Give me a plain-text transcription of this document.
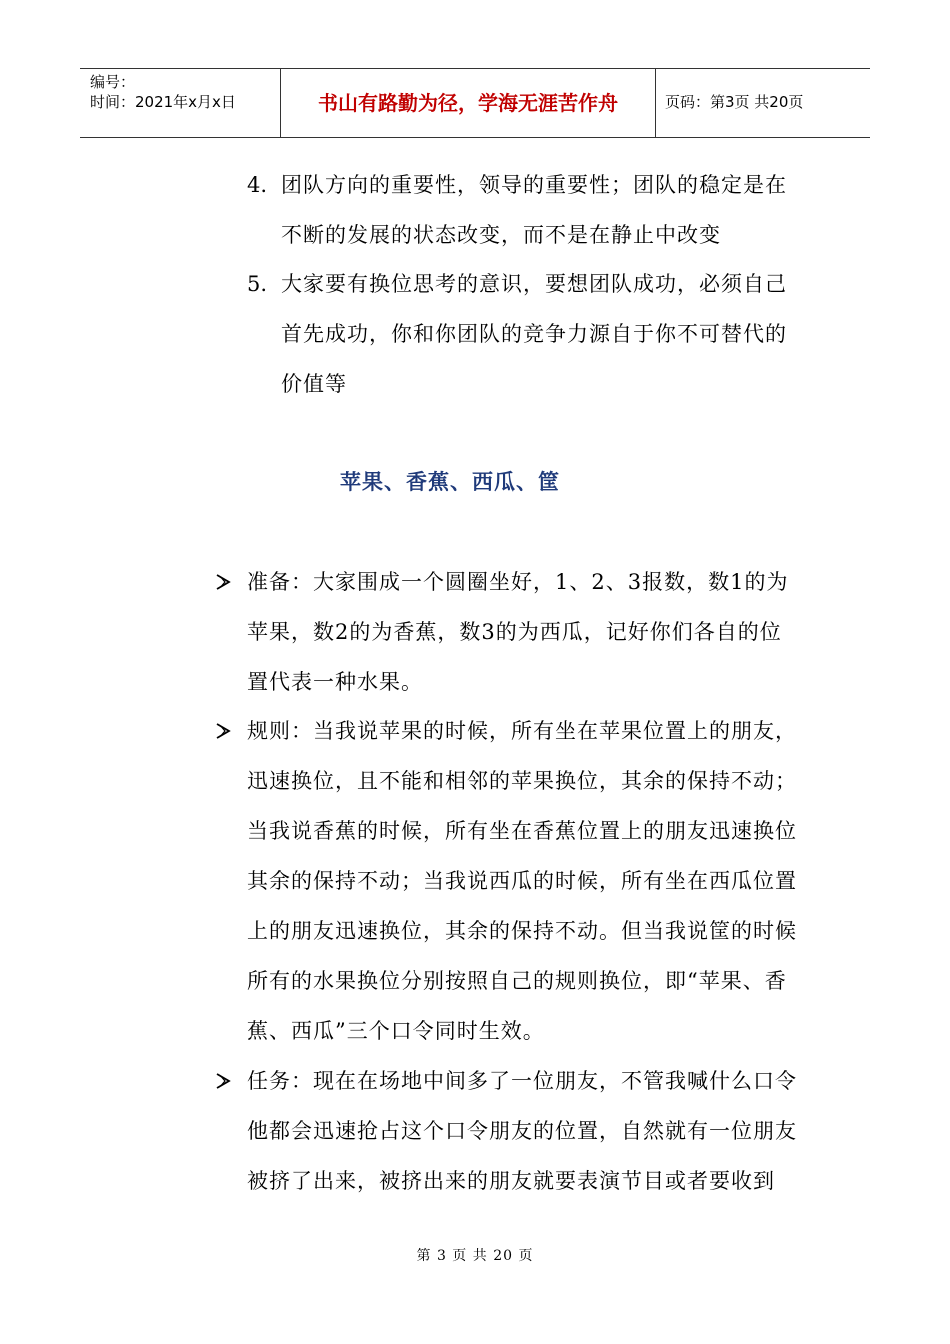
编号：
时间：2021年x月x日	书山有路勤为径，学海无涯苦作舟	页码：第3页 共20页
4. 团队方向的重要性，领导的重要性；团队的稳定是在
不断的发展的状态改变，而不是在静止中改变
5. 大家要有换位思考的意识，要想团队成功，必须自己
首先成功，你和你团队的竞争力源自于你不可替代的
价值等
苹果、香蕉、西瓜、筐
准备：大家围成一个圆圈坐好，1、2、3报数，数1的为
苹果，数2的为香蕉，数3的为西瓜，记好你们各自的位
置代表一种水果。
规则：当我说苹果的时候，所有坐在苹果位置上的朋友，
迅速换位，且不能和相邻的苹果换位，其余的保持不动；
当我说香蕉的时候，所有坐在香蕉位置上的朋友迅速换位
其余的保持不动；当我说西瓜的时候，所有坐在西瓜位置
上的朋友迅速换位，其余的保持不动。但当我说筐的时候
所有的水果换位分别按照自己的规则换位，即“苹果、香
蕉、西瓜”三个口令同时生效。
任务：现在在场地中间多了一位朋友，不管我喊什么口令
他都会迅速抢占这个口令朋友的位置，自然就有一位朋友
被挤了出来，被挤出来的朋友就要表演节目或者要收到
第 3 页 共 20 页
